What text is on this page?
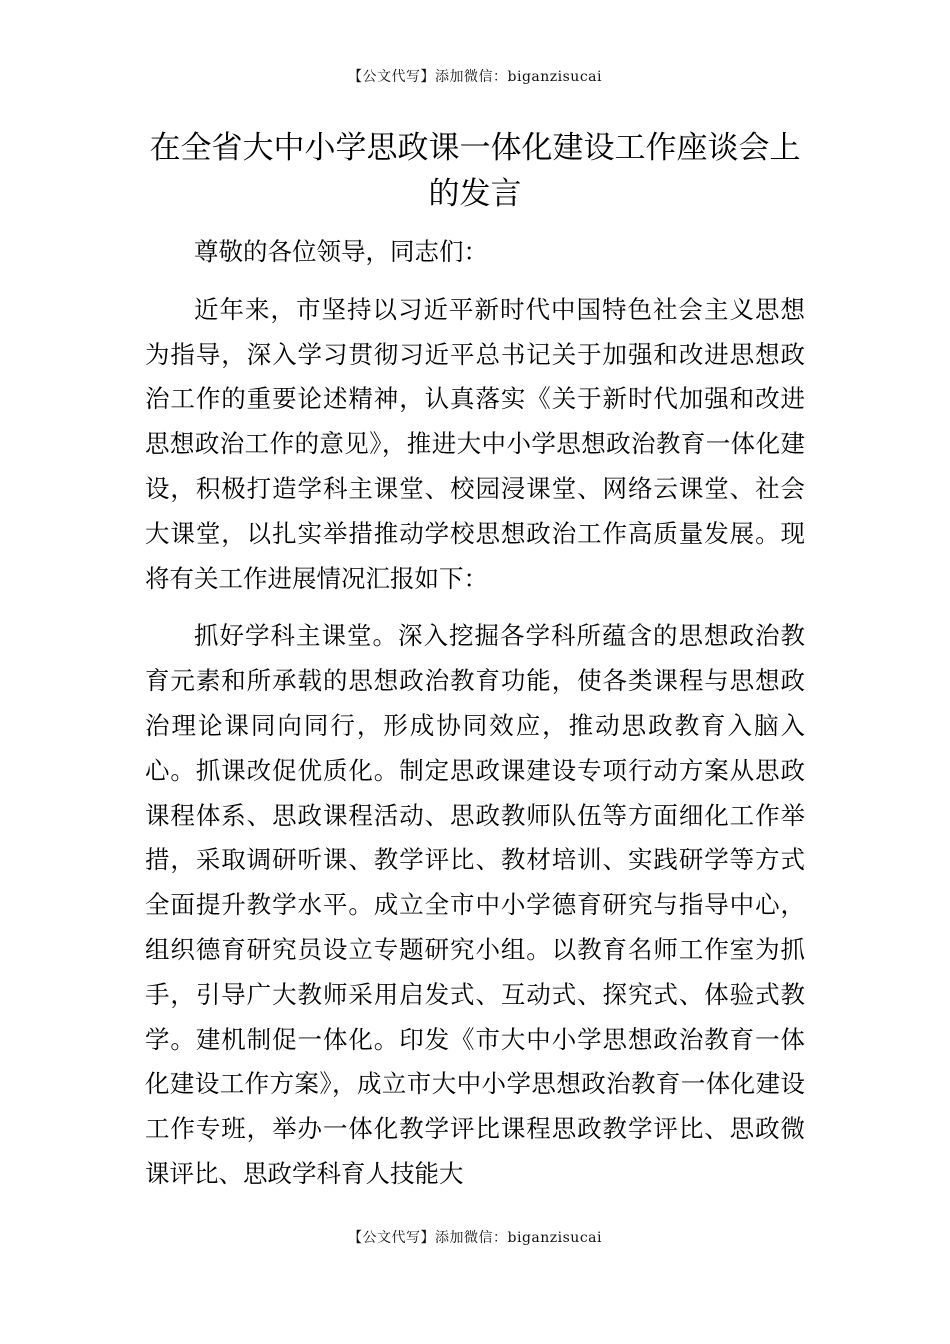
【公文代写】添加微信：biganzisucai
在全省大中小学思政课一体化建设工作座谈会上的发言

尊敬的各位领导，同志们：

近年来，市坚持以习近平新时代中国特色社会主义思想为指导，深入学习贯彻习近平总书记关于加强和改进思想政治工作的重要论述精神，认真落实《关于新时代加强和改进思想政治工作的意见》，推进大中小学思想政治教育一体化建设，积极打造学科主课堂、校园浸课堂、网络云课堂、社会大课堂，以扎实举措推动学校思想政治工作高质量发展。现将有关工作进展情况汇报如下：

抓好学科主课堂。深入挖掘各学科所蕴含的思想政治教育元素和所承载的思想政治教育功能，使各类课程与思想政治理论课同向同行，形成协同效应，推动思政教育入脑入心。抓课改促优质化。制定思政课建设专项行动方案从思政课程体系、思政课程活动、思政教师队伍等方面细化工作举措，采取调研听课、教学评比、教材培训、实践研学等方式全面提升教学水平。成立全市中小学德育研究与指导中心，组织德育研究员设立专题研究小组。以教育名师工作室为抓手，引导广大教师采用启发式、互动式、探究式、体验式教学。建机制促一体化。印发《市大中小学思想政治教育一体化建设工作方案》，成立市大中小学思想政治教育一体化建设工作专班，举办一体化教学评比课程思政教学评比、思政微课评比、思政学科育人技能大

【公文代写】添加微信：biganzisucai
